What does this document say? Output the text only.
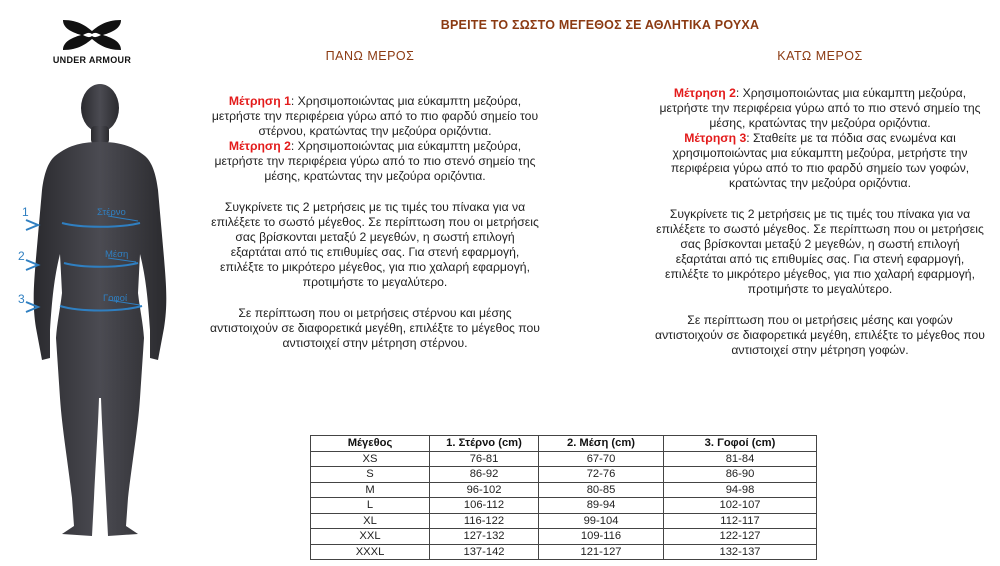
UNDER ARMOUR
ΒΡΕΙΤΕ ΤΟ ΣΩΣΤΟ ΜΕΓΕΘΟΣ ΣΕ ΑΘΛΗΤΙΚΑ ΡΟΥΧΑ
1
2
3
Στέρνο
Μέση
Γοφοί
ΠΑΝΩ ΜΕΡΟΣ

Μέτρηση 1: Χρησιμοποιώντας μια εύκαμπτη μεζούρα, μετρήστε την περιφέρεια γύρω από το πιο φαρδύ σημείο του στέρνου, κρατώντας την μεζούρα οριζόντια.

Μέτρηση 2: Χρησιμοποιώντας μια εύκαμπτη μεζούρα, μετρήστε την περιφέρεια γύρω από το πιο στενό σημείο της μέσης, κρατώντας την μεζούρα οριζόντια.

Συγκρίνετε τις 2 μετρήσεις με τις τιμές του πίνακα για να επιλέξετε το σωστό μέγεθος. Σε περίπτωση που οι μετρήσεις σας βρίσκονται μεταξύ 2 μεγεθών, η σωστή επιλογή εξαρτάται από τις επιθυμίες σας. Για στενή εφαρμογή, επιλέξτε το μικρότερο μέγεθος, για πιο χαλαρή εφαρμογή, προτιμήστε το μεγαλύτερο.

Σε περίπτωση που οι μετρήσεις στέρνου και μέσης αντιστοιχούν σε διαφορετικά μεγέθη, επιλέξτε το μέγεθος που αντιστοιχεί στην μέτρηση στέρνου.

ΚΑΤΩ ΜΕΡΟΣ

Μέτρηση 2: Χρησιμοποιώντας μια εύκαμπτη μεζούρα, μετρήστε την περιφέρεια γύρω από το πιο στενό σημείο της μέσης, κρατώντας την μεζούρα οριζόντια.

Μέτρηση 3: Σταθείτε με τα πόδια σας ενωμένα και χρησιμοποιώντας μια εύκαμπτη μεζούρα, μετρήστε την περιφέρεια γύρω από το πιο φαρδύ σημείο των γοφών, κρατώντας την μεζούρα οριζόντια.

Συγκρίνετε τις 2 μετρήσεις με τις τιμές του πίνακα για να επιλέξετε το σωστό μέγεθος. Σε περίπτωση που οι μετρήσεις σας βρίσκονται μεταξύ 2 μεγεθών, η σωστή επιλογή εξαρτάται από τις επιθυμίες σας. Για στενή εφαρμογή, επιλέξτε το μικρότερο μέγεθος, για πιο χαλαρή εφαρμογή, προτιμήστε το μεγαλύτερο.

Σε περίπτωση που οι μετρήσεις μέσης και γοφών αντιστοιχούν σε διαφορετικά μεγέθη, επιλέξτε το μέγεθος που αντιστοιχεί στην μέτρηση γοφών.

Μέγεθος	1. Στέρνο (cm)	2. Μέση (cm)	3. Γοφοί (cm)
XS	76-81	67-70	81-84
S	86-92	72-76	86-90
M	96-102	80-85	94-98
L	106-112	89-94	102-107
XL	116-122	99-104	112-117
XXL	127-132	109-116	122-127
XXXL	137-142	121-127	132-137
